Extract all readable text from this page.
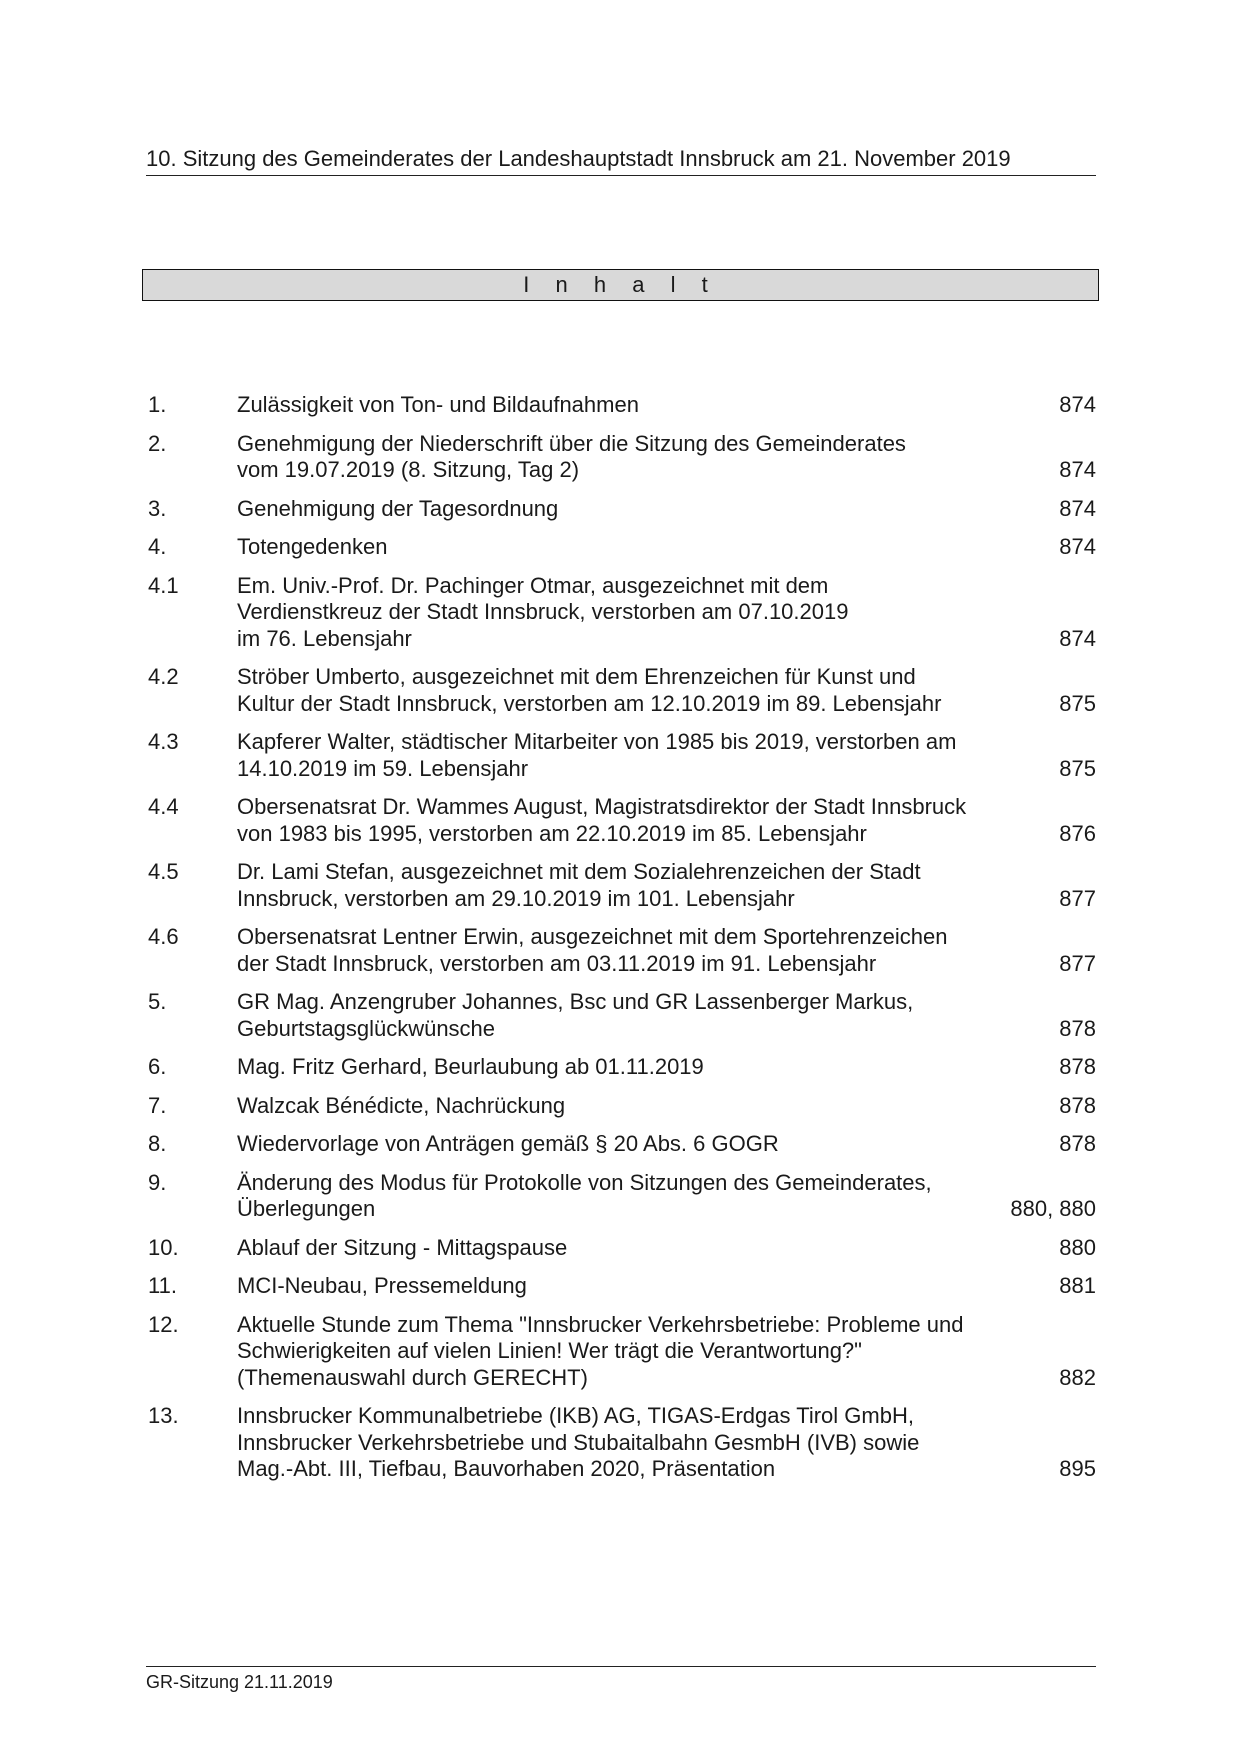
10. Sitzung des Gemeinderates der Landeshauptstadt Innsbruck am 21. November 2019
I n h a l t
1.	Zulässigkeit von Ton- und Bildaufnahmen	874
2.	Genehmigung der Niederschrift über die Sitzung des Gemeinderates
vom 19.07.2019 (8. Sitzung, Tag 2)	874
3.	Genehmigung der Tagesordnung	874
4.	Totengedenken	874
4.1	Em. Univ.-Prof. Dr. Pachinger Otmar, ausgezeichnet mit dem
Verdienstkreuz der Stadt Innsbruck, verstorben am 07.10.2019
im 76. Lebensjahr	874
4.2	Ströber Umberto, ausgezeichnet mit dem Ehrenzeichen für Kunst und
Kultur der Stadt Innsbruck, verstorben am 12.10.2019 im 89. Lebensjahr	875
4.3	Kapferer Walter, städtischer Mitarbeiter von 1985 bis 2019, verstorben am
14.10.2019 im 59. Lebensjahr	875
4.4	Obersenatsrat Dr. Wammes August, Magistratsdirektor der Stadt Innsbruck
von 1983 bis 1995, verstorben am 22.10.2019 im 85. Lebensjahr	876
4.5	Dr. Lami Stefan, ausgezeichnet mit dem Sozialehrenzeichen der Stadt
Innsbruck, verstorben am 29.10.2019 im 101. Lebensjahr	877
4.6	Obersenatsrat Lentner Erwin, ausgezeichnet mit dem Sportehrenzeichen
der Stadt Innsbruck, verstorben am 03.11.2019 im 91. Lebensjahr	877
5.	GR Mag. Anzengruber Johannes, Bsc und GR Lassenberger Markus,
Geburtstagsglückwünsche	878
6.	Mag. Fritz Gerhard, Beurlaubung ab 01.11.2019	878
7.	Walzcak Bénédicte, Nachrückung	878
8.	Wiedervorlage von Anträgen gemäß § 20 Abs. 6 GOGR	878
9.	Änderung des Modus für Protokolle von Sitzungen des Gemeinderates,
Überlegungen	880, 880
10.	Ablauf der Sitzung - Mittagspause	880
11.	MCI-Neubau, Pressemeldung	881
12.	Aktuelle Stunde zum Thema "Innsbrucker Verkehrsbetriebe: Probleme und
Schwierigkeiten auf vielen Linien! Wer trägt die Verantwortung?"
(Themenauswahl durch GERECHT)	882
13.	Innsbrucker Kommunalbetriebe (IKB) AG, TIGAS-Erdgas Tirol GmbH,
Innsbrucker Verkehrsbetriebe und Stubaitalbahn GesmbH (IVB) sowie
Mag.-Abt. III, Tiefbau, Bauvorhaben 2020, Präsentation	895
GR-Sitzung 21.11.2019
